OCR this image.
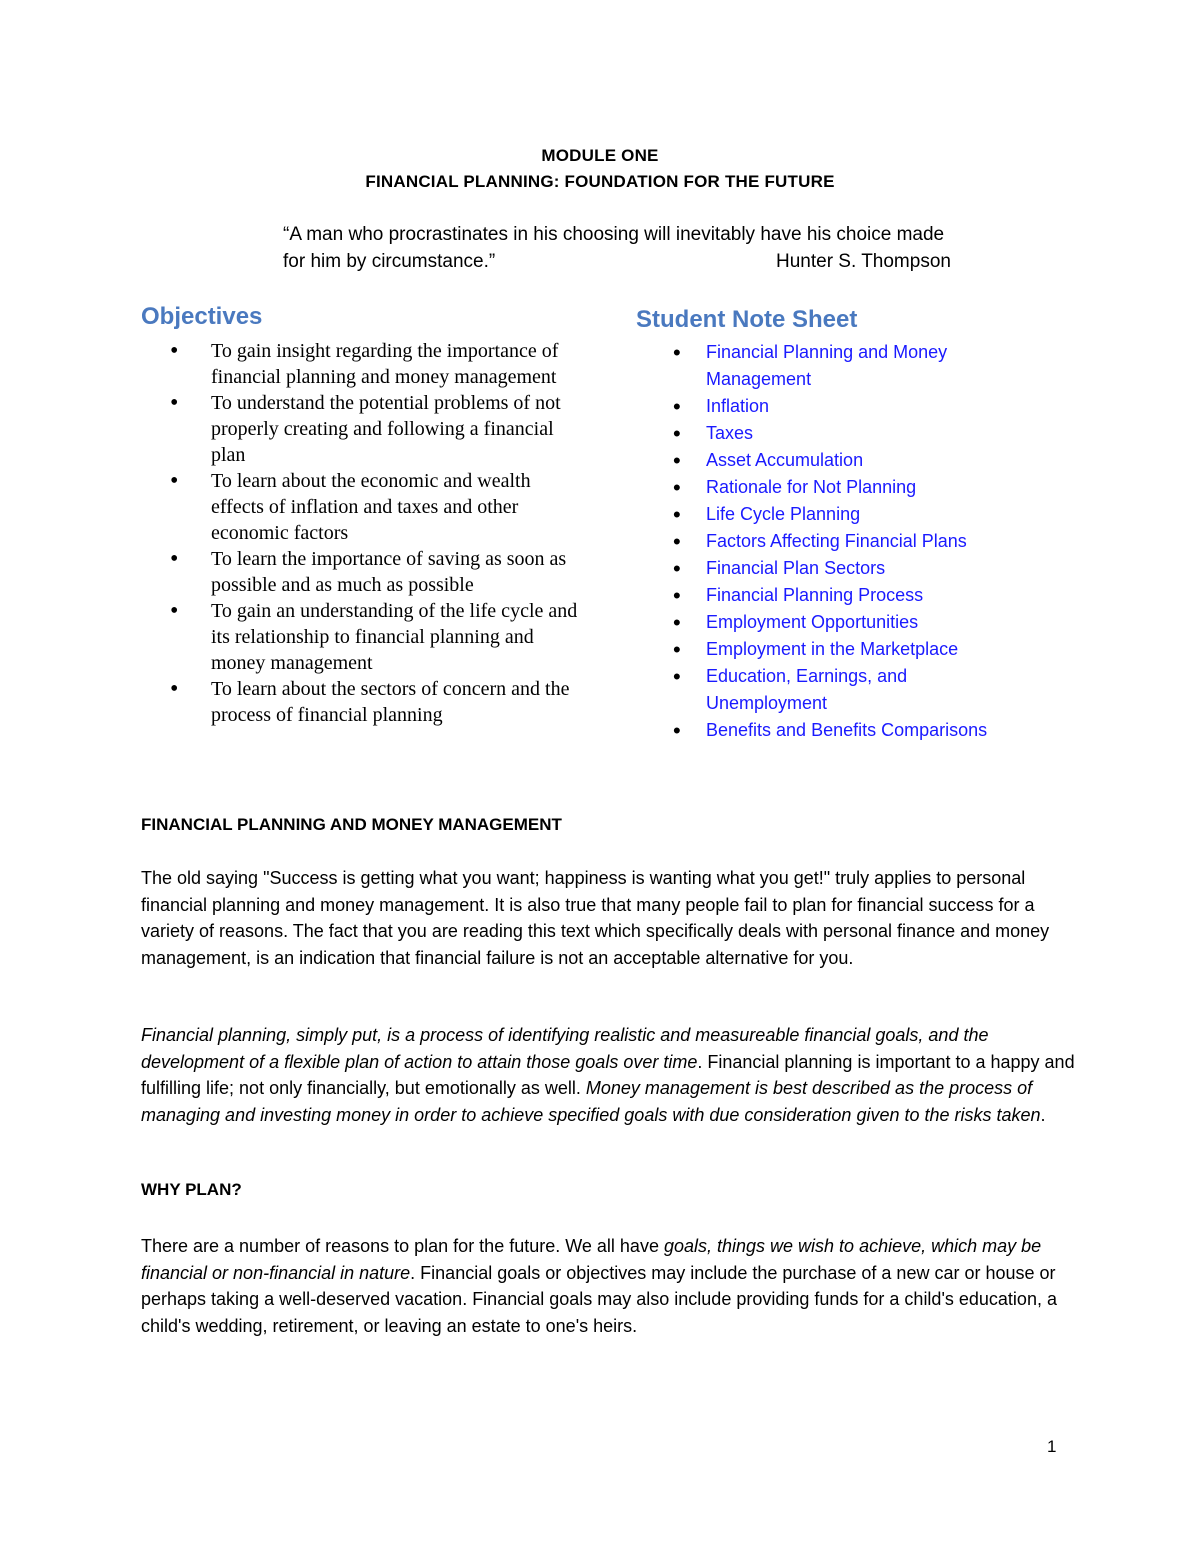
MODULE ONE
FINANCIAL PLANNING: FOUNDATION FOR THE FUTURE
“A man who procrastinates in his choosing will inevitably have his choice made
for him by circumstance.”	Hunter S. Thompson
Objectives
• To gain insight regarding the importance of financial planning and money management
• To understand the potential problems of not properly creating and following a financial plan
• To learn about the economic and wealth effects of inflation and taxes and other economic factors
• To learn the importance of saving as soon as possible and as much as possible
• To gain an understanding of the life cycle and its relationship to financial planning and money management
• To learn about the sectors of concern and the process of financial planning
Student Note Sheet
• Financial Planning and Money Management
• Inflation
• Taxes
• Asset Accumulation
• Rationale for Not Planning
• Life Cycle Planning
• Factors Affecting Financial Plans
• Financial Plan Sectors
• Financial Planning Process
• Employment Opportunities
• Employment in the Marketplace
• Education, Earnings, and Unemployment
• Benefits and Benefits Comparisons
FINANCIAL PLANNING AND MONEY MANAGEMENT

The old saying "Success is getting what you want; happiness is wanting what you get!" truly applies to personal financial planning and money management. It is also true that many people fail to plan for financial success for a variety of reasons. The fact that you are reading this text which specifically deals with personal finance and money management, is an indication that financial failure is not an acceptable alternative for you.

Financial planning, simply put, is a process of identifying realistic and measureable financial goals, and the development of a flexible plan of action to attain those goals over time. Financial planning is important to a happy and fulfilling life; not only financially, but emotionally as well. Money management is best described as the process of managing and investing money in order to achieve specified goals with due consideration given to the risks taken.

WHY PLAN?

There are a number of reasons to plan for the future. We all have goals, things we wish to achieve, which may be financial or non-financial in nature. Financial goals or objectives may include the purchase of a new car or house or perhaps taking a well-deserved vacation. Financial goals may also include providing funds for a child's education, a child's wedding, retirement, or leaving an estate to one's heirs.

1
